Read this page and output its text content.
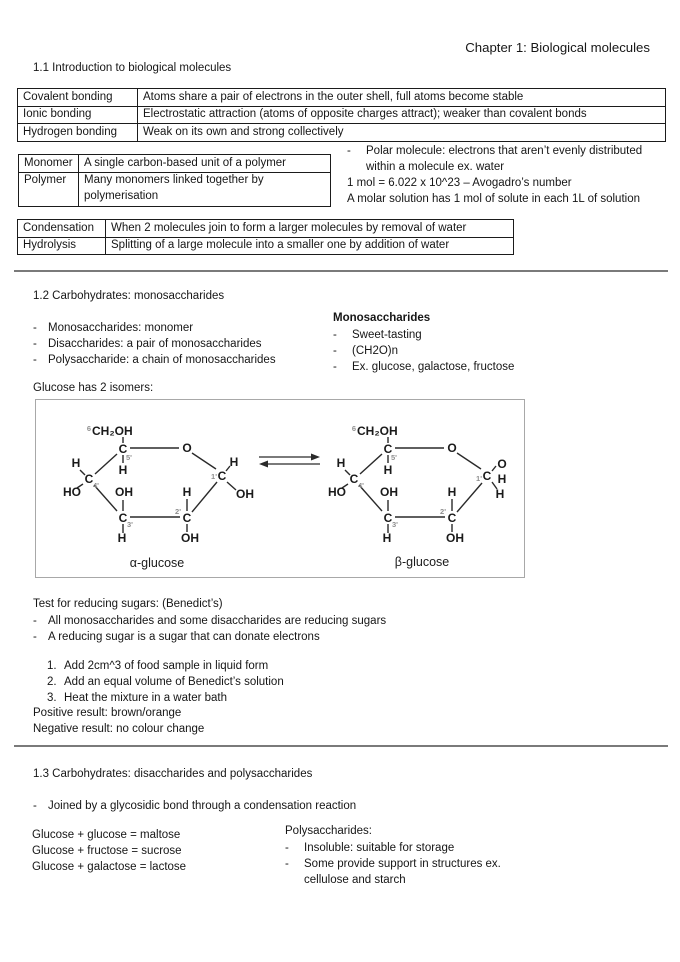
Chapter 1: Biological molecules
1.1 Introduction to biological molecules
Covalent bonding	Atoms share a pair of electrons in the outer shell, full atoms become stable
Ionic bonding	Electrostatic attraction (atoms of opposite charges attract); weaker than covalent bonds
Hydrogen bonding	Weak on its own and strong collectively
Monomer	A single carbon-based unit of a polymer
Polymer	Many monomers linked together by polymerisation
-	Polar molecule: electrons that aren’t evenly distributed within a molecule ex. water
1 mol = 6.022 x 10^23 – Avogadro’s number
A molar solution has 1 mol of solute in each 1L of solution
Condensation	When 2 molecules join to form a larger molecules by removal of water
Hydrolysis	Splitting of a large molecule into a smaller one by addition of water
1.2 Carbohydrates: monosaccharides
- Monosaccharides: monomer
- Disaccharides: a pair of monosaccharides
- Polysaccharide: a chain of monosaccharides
Monosaccharides
-	Sweet-tasting
-	(CH2O)n
-	Ex. glucose, galactose, fructose
Glucose has 2 isomers:
6 CH₂OH
C
5'
H
O
H
C 4'
HO	OH
C 3'
H
2' C
H
OH
1' C
H
OH
α-glucose
6 CH₂OH
C
5'
H
O
H
C 4'
HO	OH
C 3'
H
2' C
H
OH
1' C
O
H
H
β-glucose
Test for reducing sugars: (Benedict’s)
- All monosaccharides and some disaccharides are reducing sugars
- A reducing sugar is a sugar that can donate electrons
1. Add 2cm^3 of food sample in liquid form
2. Add an equal volume of Benedict’s solution
3. Heat the mixture in a water bath
Positive result: brown/orange
Negative result: no colour change
1.3 Carbohydrates: disaccharides and polysaccharides
- Joined by a glycosidic bond through a condensation reaction
Glucose + glucose = maltose
Glucose + fructose = sucrose
Glucose + galactose = lactose
Polysaccharides:
-	Insoluble: suitable for storage
-	Some provide support in structures ex. cellulose and starch
